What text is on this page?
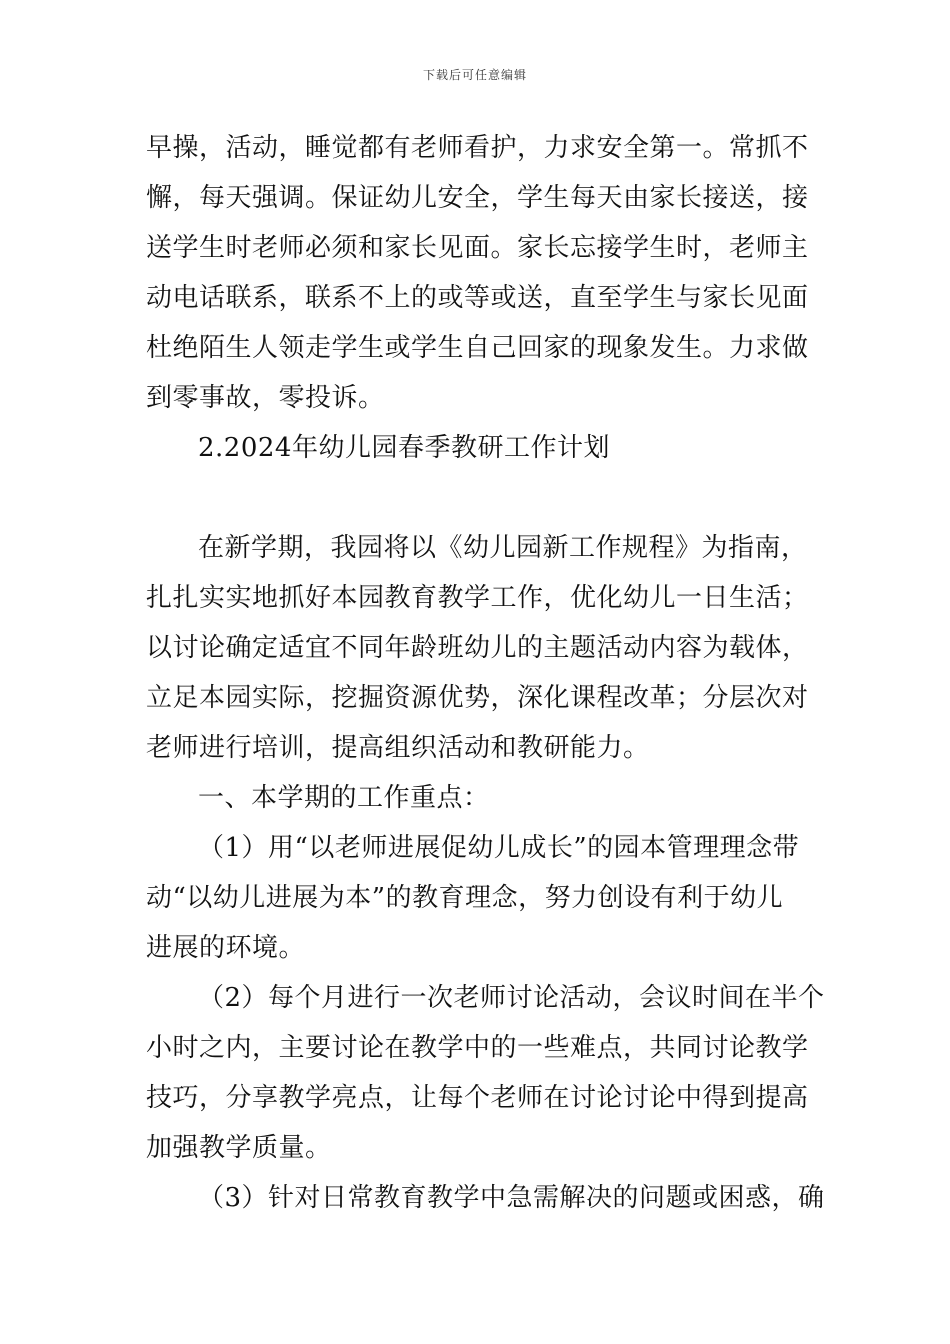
下载后可任意编辑
早操，活动，睡觉都有老师看护，力求安全第一。常抓不
懈，每天强调。保证幼儿安全，学生每天由家长接送，接
送学生时老师必须和家长见面。家长忘接学生时，老师主
动电话联系，联系不上的或等或送，直至学生与家长见面
杜绝陌生人领走学生或学生自己回家的现象发生。力求做
到零事故，零投诉。
2.2024年幼儿园春季教研工作计划
在新学期，我园将以《幼儿园新工作规程》为指南，
扎扎实实地抓好本园教育教学工作，优化幼儿一日生活；
以讨论确定适宜不同年龄班幼儿的主题活动内容为载体，
立足本园实际，挖掘资源优势，深化课程改革；分层次对
老师进行培训，提高组织活动和教研能力。
一、本学期的工作重点：
（1）用“以老师进展促幼儿成长”的园本管理理念带
动“以幼儿进展为本”的教育理念，努力创设有利于幼儿
进展的环境。
（2）每个月进行一次老师讨论活动，会议时间在半个
小时之内，主要讨论在教学中的一些难点，共同讨论教学
技巧，分享教学亮点，让每个老师在讨论讨论中得到提高
加强教学质量。
（3）针对日常教育教学中急需解决的问题或困惑，确
